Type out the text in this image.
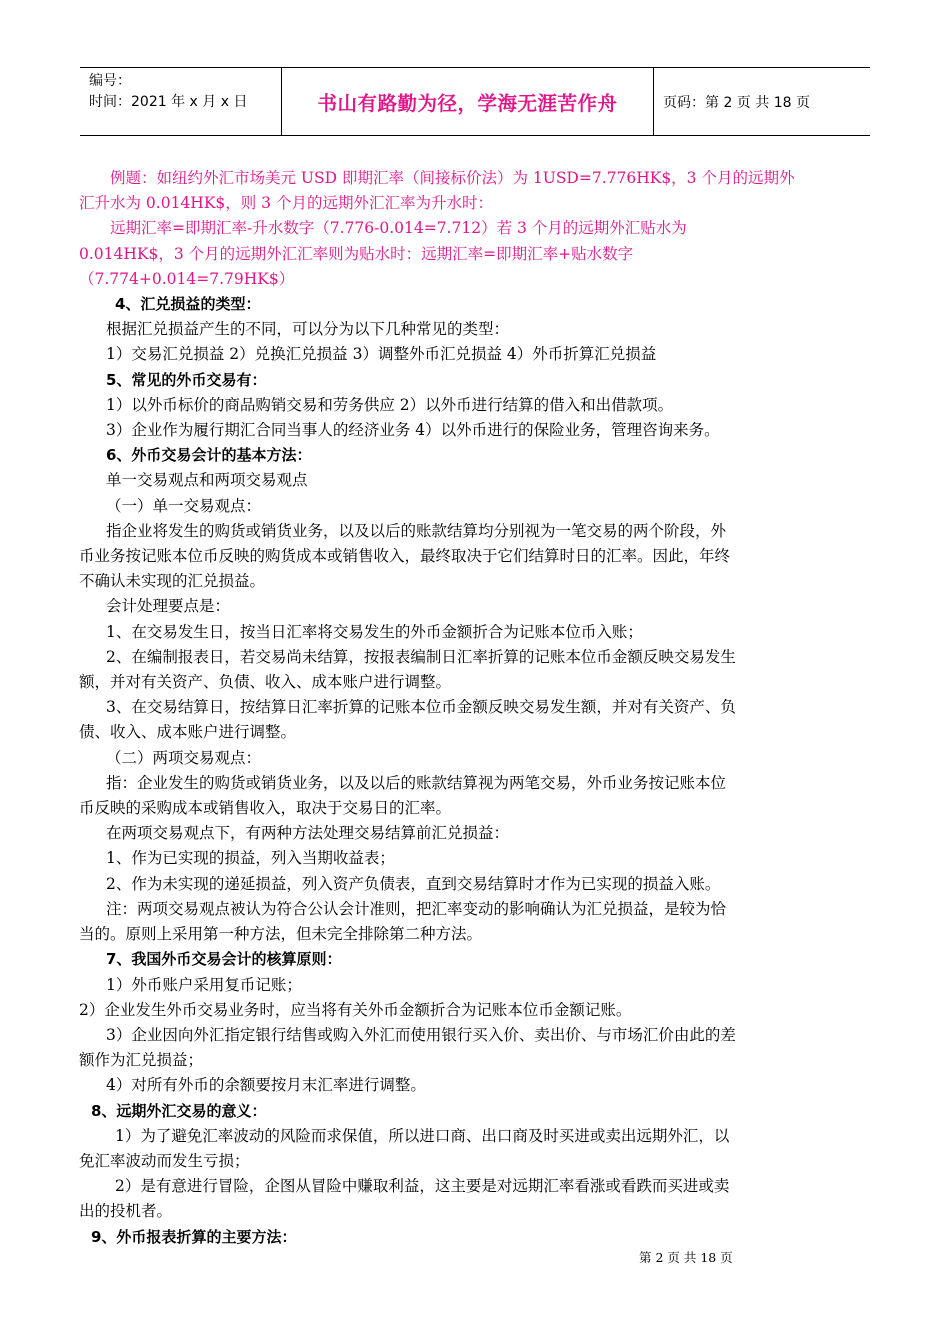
编号：
时间：2021 年 x 月 x 日	书山有路勤为径，学海无涯苦作舟	页码：第 2 页 共 18 页
例题：如纽约外汇市场美元 USD 即期汇率（间接标价法）为 1USD=7.776HK$，3 个月的远期外
汇升水为 0.014HK$，则 3 个月的远期外汇汇率为升水时：
远期汇率=即期汇率-升水数字（7.776-0.014=7.712）若 3 个月的远期外汇贴水为
0.014HK$，3 个月的远期外汇汇率则为贴水时：远期汇率=即期汇率+贴水数字
（7.774+0.014=7.79HK$）
4、汇兑损益的类型：
根据汇兑损益产生的不同，可以分为以下几种常见的类型：
1）交易汇兑损益 2）兑换汇兑损益 3）调整外币汇兑损益 4）外币折算汇兑损益
5、常见的外币交易有：
1）以外币标价的商品购销交易和劳务供应 2）以外币进行结算的借入和出借款项。
3）企业作为履行期汇合同当事人的经济业务 4）以外币进行的保险业务，管理咨询来务。
6、外币交易会计的基本方法：
单一交易观点和两项交易观点
（一）单一交易观点：
指企业将发生的购货或销货业务，以及以后的账款结算均分别视为一笔交易的两个阶段，外
币业务按记账本位币反映的购货成本或销售收入，最终取决于它们结算时日的汇率。因此，年终
不确认未实现的汇兑损益。
会计处理要点是：
1、在交易发生日，按当日汇率将交易发生的外币金额折合为记账本位币入账；
2、在编制报表日，若交易尚未结算，按报表编制日汇率折算的记账本位币金额反映交易发生
额，并对有关资产、负债、收入、成本账户进行调整。
3、在交易结算日，按结算日汇率折算的记账本位币金额反映交易发生额，并对有关资产、负
债、收入、成本账户进行调整。
（二）两项交易观点：
指：企业发生的购货或销货业务，以及以后的账款结算视为两笔交易，外币业务按记账本位
币反映的采购成本或销售收入，取决于交易日的汇率。
在两项交易观点下，有两种方法处理交易结算前汇兑损益：
1、作为已实现的损益，列入当期收益表；
2、作为未实现的递延损益，列入资产负债表，直到交易结算时才作为已实现的损益入账。
注：两项交易观点被认为符合公认会计准则，把汇率变动的影响确认为汇兑损益，是较为恰
当的。原则上采用第一种方法，但未完全排除第二种方法。
7、我国外币交易会计的核算原则：
1）外币账户采用复币记账；
2）企业发生外币交易业务时，应当将有关外币金额折合为记账本位币金额记账。
3）企业因向外汇指定银行结售或购入外汇而使用银行买入价、卖出价、与市场汇价由此的差
额作为汇兑损益；
4）对所有外币的余额要按月末汇率进行调整。
8、远期外汇交易的意义：
1）为了避免汇率波动的风险而求保值，所以进口商、出口商及时买进或卖出远期外汇，以
免汇率波动而发生亏损；
2）是有意进行冒险，企图从冒险中赚取利益，这主要是对远期汇率看涨或看跌而买进或卖
出的投机者。
9、外币报表折算的主要方法：
第 2 页 共 18 页
